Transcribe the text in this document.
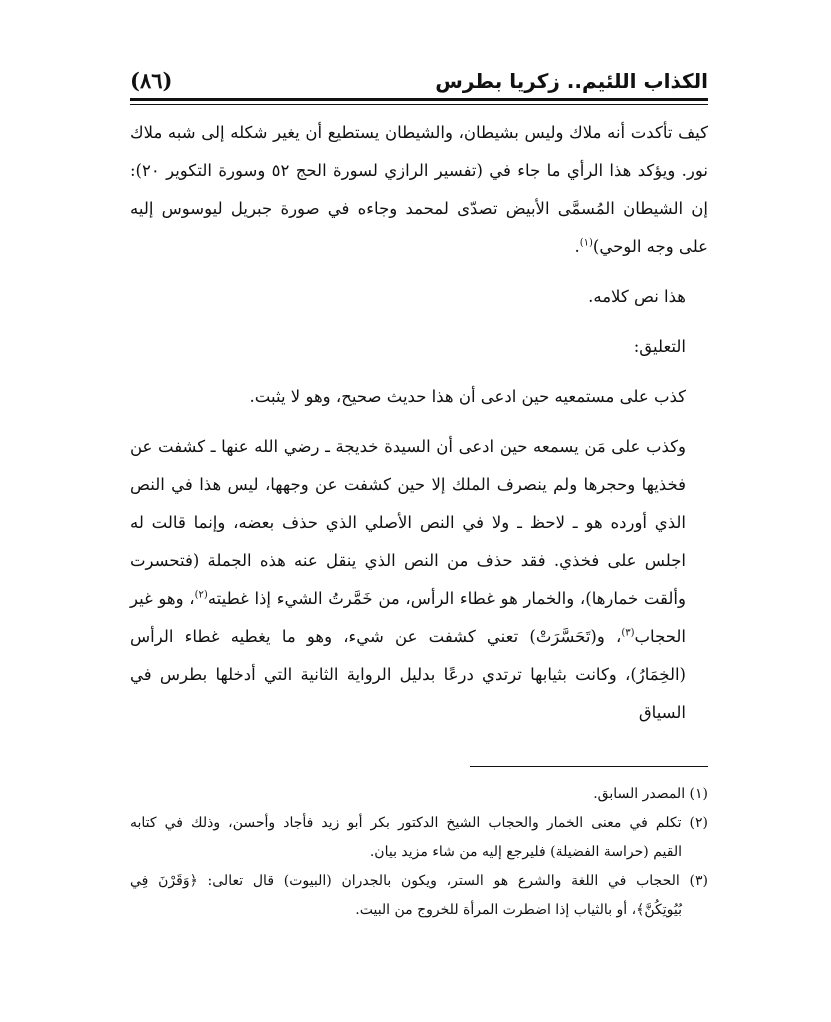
الكذاب اللئيم.. زكريا بطرس
(٨٦)

كيف تأكدت أنه ملاك وليس بشيطان، والشيطان يستطيع أن يغير شكله إلى شبه ملاك نور. ويؤكد هذا الرأي ما جاء في (تفسير الرازي لسورة الحج ٥٢ وسورة التكوير ٢٠): إن الشيطان المُسمَّى الأبيض تصدّى لمحمد وجاءه في صورة جبريل ليوسوس إليه على وجه الوحي)$^{(١)}$.

هذا نص كلامه.

التعليق:

كذب على مستمعيه حين ادعى أن هذا حديث صحيح، وهو لا يثبت.

وكذب على مَن يسمعه حين ادعى أن السيدة خديجة ـ رضي الله عنها ـ كشفت عن فخذيها وحجرها ولم ينصرف الملك إلا حين كشفت عن وجهها، ليس هذا في النص الذي أورده هو ـ لاحظ ـ ولا في النص الأصلي الذي حذف بعضه، وإنما قالت له اجلس على فخذي. فقد حذف من النص الذي ينقل عنه هذه الجملة (فتحسرت وألقت خمارها)، والخمار هو غطاء الرأس، من خَمَّرتُ الشيء إذا غطيته$^{(٢)}$، وهو غير الحجاب$^{(٣)}$، و(تَحَسَّرَتْ) تعني كشفت عن شيء، وهو ما يغطيه غطاء الرأس (الخِمَارُ)، وكانت بثيابها ترتدي درعًا بدليل الرواية الثانية التي أدخلها بطرس في السياق

(١) المصدر السابق.

(٢) تكلم في معنى الخمار والحجاب الشيخ الدكتور بكر أبو زيد فأجاد وأحسن، وذلك في كتابه

القيم (حراسة الفضيلة) فليرجع إليه من شاء مزيد بيان.

(٣) الحجاب في اللغة والشرع هو الستر، ويكون بالجدران (البيوت) قال تعالى: ﴿وَقَرْنَ فِي

بُيُوتِكُنَّ﴾، أو بالثياب إذا اضطرت المرأة للخروج من البيت.
